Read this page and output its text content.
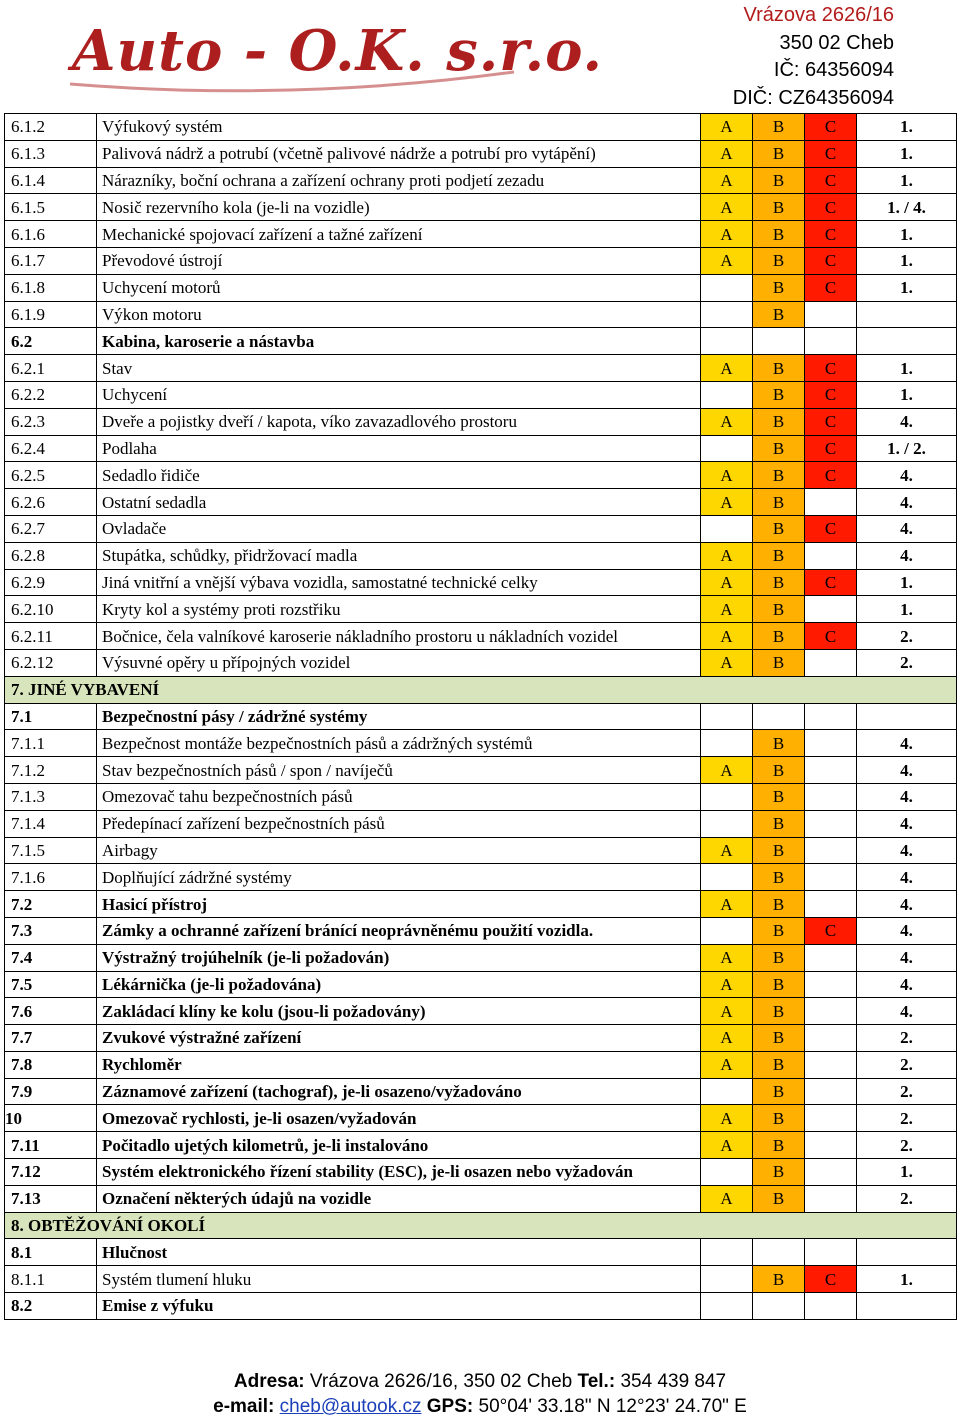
Auto - O.K. s.r.o.
Vrázova 2626/16
350 02 Cheb
IČ: 64356094
DIČ: CZ64356094
6.1.2	Výfukový systém	A	B	C	1.
6.1.3	Palivová nádrž a potrubí (včetně palivové nádrže a potrubí pro vytápění)	A	B	C	1.
6.1.4	Nárazníky, boční ochrana a zařízení ochrany proti podjetí zezadu	A	B	C	1.
6.1.5	Nosič rezervního kola (je-li na vozidle)	A	B	C	1. / 4.
6.1.6	Mechanické spojovací zařízení a tažné zařízení	A	B	C	1.
6.1.7	Převodové ústrojí	A	B	C	1.
6.1.8	Uchycení motorů		B	C	1.
6.1.9	Výkon motoru		B		
6.2	Kabina, karoserie a nástavba				
6.2.1	Stav	A	B	C	1.
6.2.2	Uchycení		B	C	1.
6.2.3	Dveře a pojistky dveří / kapota, víko zavazadlového prostoru	A	B	C	4.
6.2.4	Podlaha		B	C	1. / 2.
6.2.5	Sedadlo řidiče	A	B	C	4.
6.2.6	Ostatní sedadla	A	B		4.
6.2.7	Ovladače		B	C	4.
6.2.8	Stupátka, schůdky, přidržovací madla	A	B		4.
6.2.9	Jiná vnitřní a vnější výbava vozidla, samostatné technické celky	A	B	C	1.
6.2.10	Kryty kol a systémy proti rozstřiku	A	B		1.
6.2.11	Bočnice, čela valníkové karoserie nákladního prostoru u nákladních vozidel	A	B	C	2.
6.2.12	Výsuvné opěry u přípojných vozidel	A	B		2.
7. JINÉ VYBAVENÍ					
7.1	Bezpečnostní pásy / zádržné systémy				
7.1.1	Bezpečnost montáže bezpečnostních pásů a zádržných systémů		B		4.
7.1.2	Stav bezpečnostních pásů / spon / navíječů	A	B		4.
7.1.3	Omezovač tahu bezpečnostních pásů		B		4.
7.1.4	Předepínací zařízení bezpečnostních pásů		B		4.
7.1.5	Airbagy	A	B		4.
7.1.6	Doplňující zádržné systémy		B		4.
7.2	Hasicí přístroj	A	B		4.
7.3	Zámky a ochranné zařízení bránící neoprávněnému použití vozidla.		B	C	4.
7.4	Výstražný trojúhelník (je-li požadován)	A	B		4.
7.5	Lékárnička (je-li požadována)	A	B		4.
7.6	Zakládací klíny ke kolu (jsou-li požadovány)	A	B		4.
7.7	Zvukové výstražné zařízení	A	B		2.
7.8	Rychloměr	A	B		2.
7.9	Záznamové zařízení (tachograf), je-li osazeno/vyžadováno		B		2.
10	Omezovač rychlosti, je-li osazen/vyžadován	A	B		2.
7.11	Počitadlo ujetých kilometrů, je-li instalováno	A	B		2.
7.12	Systém elektronického řízení stability (ESC), je-li osazen nebo vyžadován		B		1.
7.13	Označení některých údajů na vozidle	A	B		2.
8. OBTĚŽOVÁNÍ OKOLÍ					
8.1	Hlučnost				
8.1.1	Systém tlumení hluku		B	C	1.
8.2	Emise z výfuku				
Adresa: Vrázova 2626/16, 350 02 Cheb Tel.: 354 439 847
e-mail: cheb@autook.cz GPS: 50°04' 33.18" N 12°23' 24.70" E
